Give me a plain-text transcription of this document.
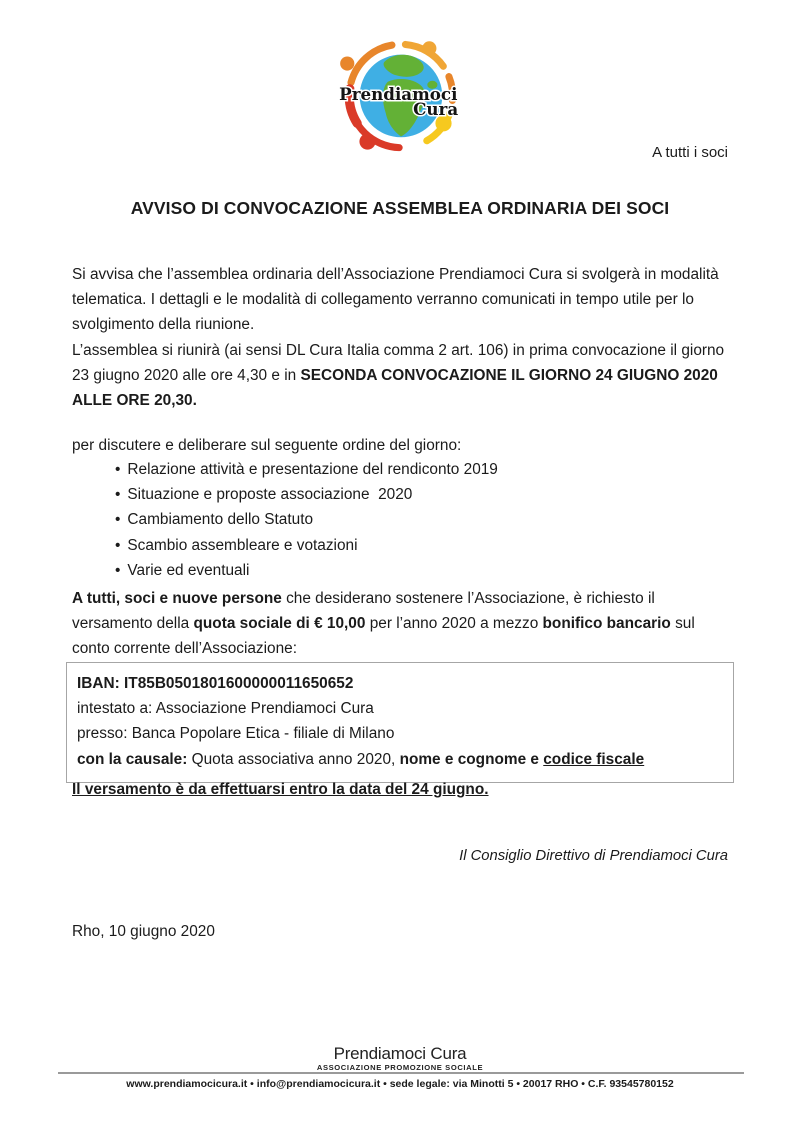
Prendiamoci
Cura
A tutti i soci
AVVISO DI CONVOCAZIONE ASSEMBLEA ORDINARIA DEI SOCI
Si avvisa che l’assemblea ordinaria dell’Associazione Prendiamoci Cura si svolgerà in modalità telematica. I dettagli e le modalità di collegamento verranno comunicati in tempo utile per lo svolgimento della riunione.
L’assemblea si riunirà (ai sensi DL Cura Italia comma 2 art. 106) in prima convocazione il giorno 23 giugno 2020 alle ore 4,30 e in SECONDA CONVOCAZIONE IL GIORNO 24 GIUGNO 2020 ALLE ORE 20,30.
per discutere e deliberare sul seguente ordine del giorno:
• Relazione attività e presentazione del rendiconto 2019
• Situazione e proposte associazione  2020
• Cambiamento dello Statuto
• Scambio assembleare e votazioni
• Varie ed eventuali
A tutti, soci e nuove persone che desiderano sostenere l’Associazione, è richiesto il versamento della quota sociale di € 10,00 per l’anno 2020 a mezzo bonifico bancario sul conto corrente dell’Associazione:
IBAN: IT85B0501801600000011650652
intestato a: Associazione Prendiamoci Cura
presso: Banca Popolare Etica - filiale di Milano
con la causale: Quota associativa anno 2020, nome e cognome e codice fiscale
Il versamento è da effettuarsi entro la data del 24 giugno.
Il Consiglio Direttivo di Prendiamoci Cura
Rho, 10 giugno 2020
Prendiamoci Cura
ASSOCIAZIONE PROMOZIONE SOCIALE
www.prendiamocicura.it • info@prendiamocicura.it • sede legale: via Minotti 5 • 20017 RHO • C.F. 93545780152
